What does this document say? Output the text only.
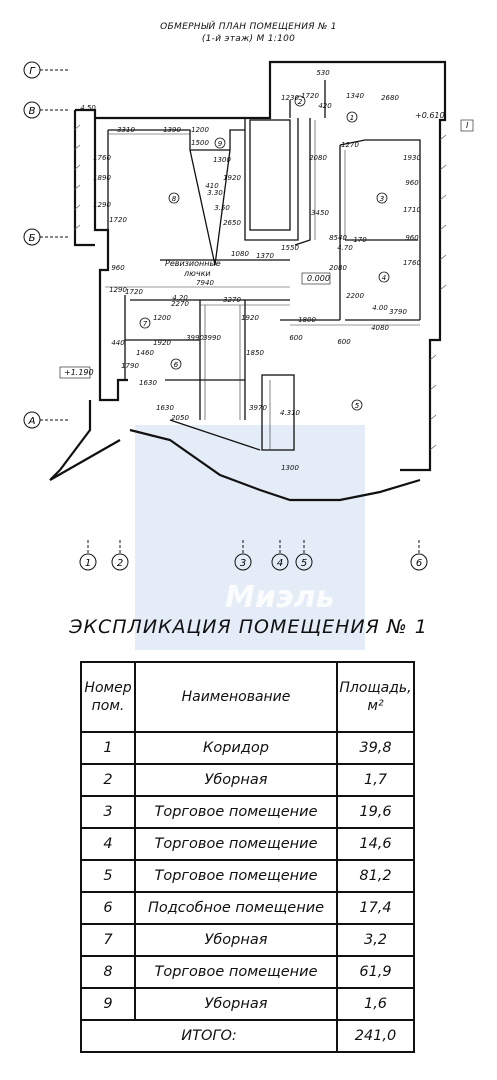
ОБМЕРНЫЙ ПЛАН ПОМЕЩЕНИЯ № 1
(1-й этаж) М 1:100
Г
В
Б
А
1	2	3	4 5	6
530
1340
1720	2680
420
4.50
3310	1390 1200
1500
1300
1230
2080
1270
1930
1760
1890
410
1920
1290
1720
3450
960
1710
2650
8540 170
2080
1550
1370
960
1760
3790
7940
1080
2270	3270
1720
1200	1920
1920
1800
4080
600	600
440
1790
1460
1630
1850
3990 3990
3970
4.310
1630
2050
2200
1300
4.20
4.70
4.00
1290
960
3.30
3.50
1
2
3
4
5
6
7
8
9
Ревизионные
лючки
0.000
+0.610
+1.190
I
Миэль
ЭКСПЛИКАЦИЯ ПОМЕЩЕНИЯ № 1
Номер пом.	Наименование	Площадь, м²
1	Коридор	39,8
2	Уборная	1,7
3	Торговое помещение	19,6
4	Торговое помещение	14,6
5	Торговое помещение	81,2
6	Подсобное помещение	17,4
7	Уборная	3,2
8	Торговое помещение	61,9
9	Уборная	1,6
ИТОГО:		241,0
